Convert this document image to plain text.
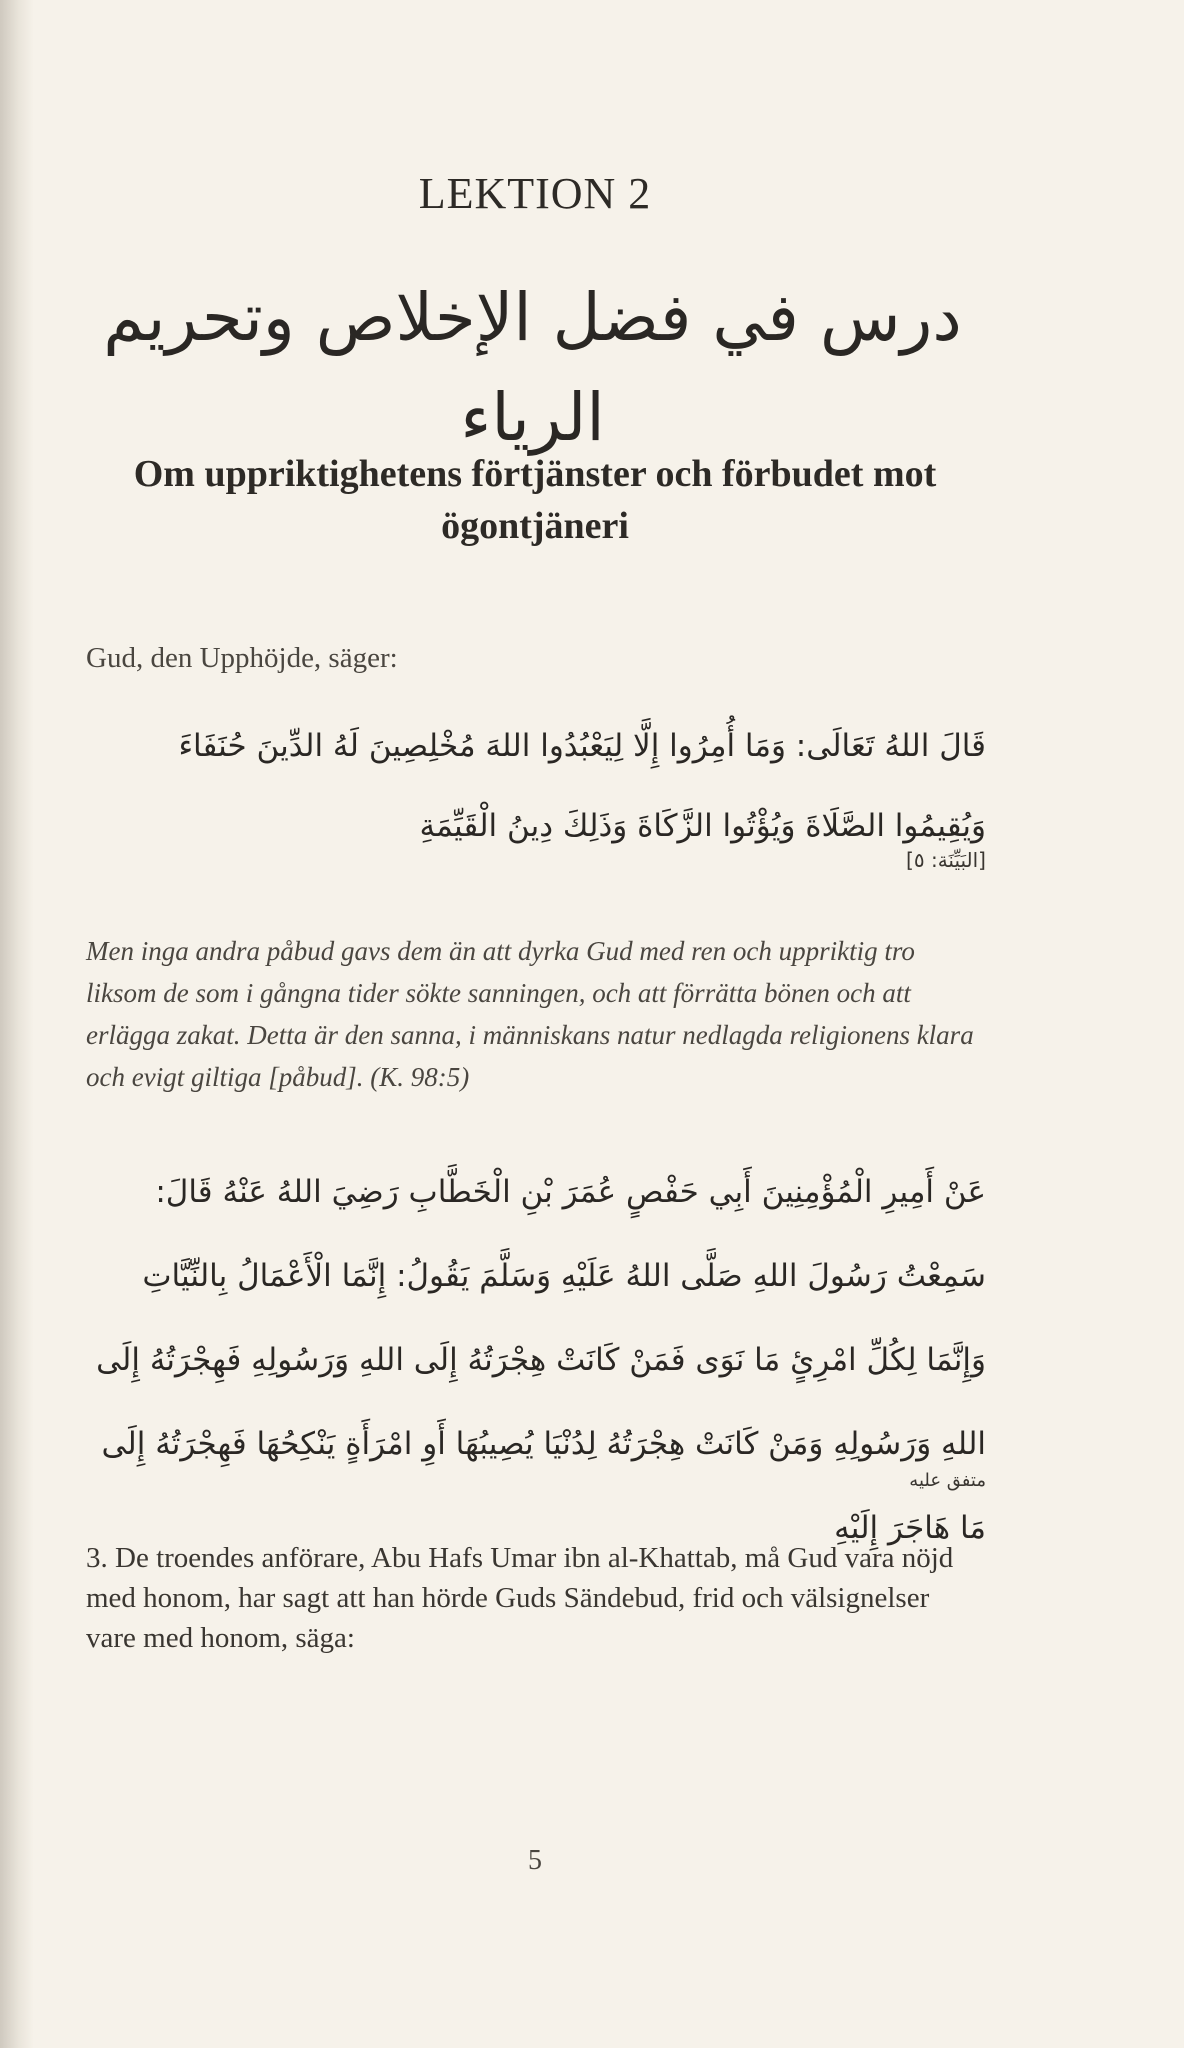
LEKTION 2
درس في فضل الإخلاص وتحريم الرياء
Om uppriktighetens förtjänster och förbudet mot ögontjäneri
Gud, den Upphöjde, säger:
قَالَ اللهُ تَعَالَى: وَمَا أُمِرُوا إِلَّا لِيَعْبُدُوا اللهَ مُخْلِصِينَ لَهُ الدِّينَ حُنَفَاءَ وَيُقِيمُوا الصَّلَاةَ وَيُؤْتُوا الزَّكَاةَ وَذَلِكَ دِينُ الْقَيِّمَةِ
[البَيِّنَة: ٥]
Men inga andra påbud gavs dem än att dyrka Gud med ren och uppriktig tro liksom de som i gångna tider sökte sanningen, och att förrätta bönen och att erlägga zakat. Detta är den sanna, i människans natur nedlagda religionens klara och evigt giltiga [påbud]. (K. 98:5)
عَنْ أَمِيرِ الْمُؤْمِنِينَ أَبِي حَفْصٍ عُمَرَ بْنِ الْخَطَّابِ رَضِيَ اللهُ عَنْهُ قَالَ: سَمِعْتُ رَسُولَ اللهِ صَلَّى اللهُ عَلَيْهِ وَسَلَّمَ يَقُولُ: إِنَّمَا الْأَعْمَالُ بِالنِّيَّاتِ وَإِنَّمَا لِكُلِّ امْرِئٍ مَا نَوَى فَمَنْ كَانَتْ هِجْرَتُهُ إِلَى اللهِ وَرَسُولِهِ فَهِجْرَتُهُ إِلَى اللهِ وَرَسُولِهِ وَمَنْ كَانَتْ هِجْرَتُهُ لِدُنْيَا يُصِيبُهَا أَوِ امْرَأَةٍ يَنْكِحُهَا فَهِجْرَتُهُ إِلَى مَا هَاجَرَ إِلَيْهِ
متفق عليه
3. De troendes anförare, Abu Hafs Umar ibn al-Khattab, må Gud vara nöjd med honom, har sagt att han hörde Guds Sändebud, frid och välsignelser vare med honom, säga:
5
